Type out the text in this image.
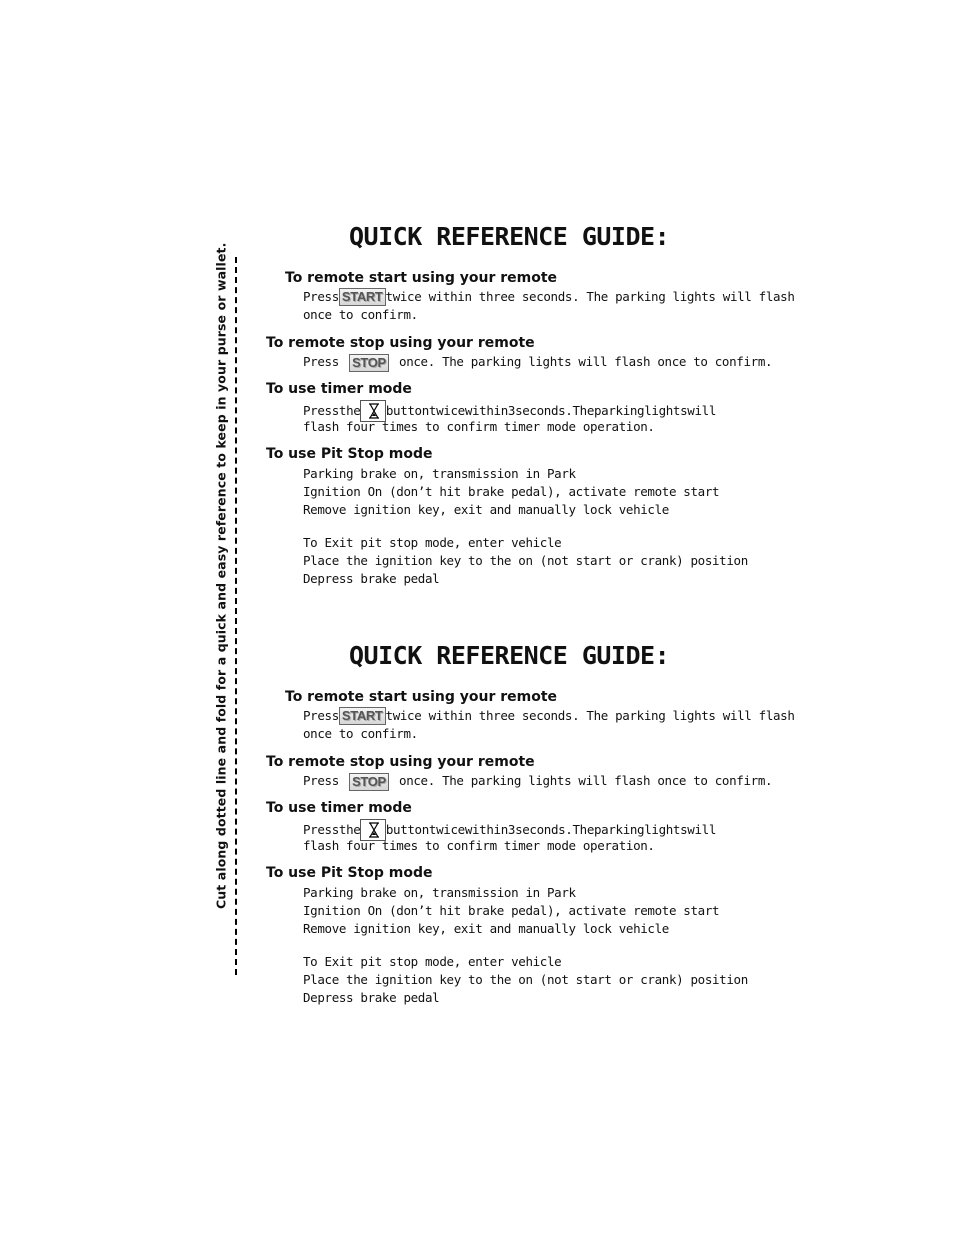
Cut along dotted line and fold for a quick and easy reference to keep in your purse or wallet.
QUICK REFERENCE GUIDE:

To remote start using your remote

Press START twice within three seconds. The parking lights will flash

once to confirm.

To remote stop using your remote

Press STOP once. The parking lights will flash once to confirm.

To use timer mode

Press the button twice within 3 seconds. The parking lights will

flash four times to confirm timer mode operation.

To use Pit Stop mode

Parking brake on, transmission in Park

Ignition On (don’t hit brake pedal), activate remote start

Remove ignition key, exit and manually lock vehicle

To Exit pit stop mode, enter vehicle

Place the ignition key to the on (not start or crank) position

Depress brake pedal

QUICK REFERENCE GUIDE:

To remote start using your remote

Press START twice within three seconds. The parking lights will flash

once to confirm.

To remote stop using your remote

Press STOP once. The parking lights will flash once to confirm.

To use timer mode

Press the button twice within 3 seconds. The parking lights will

flash four times to confirm timer mode operation.

To use Pit Stop mode

Parking brake on, transmission in Park

Ignition On (don’t hit brake pedal), activate remote start

Remove ignition key, exit and manually lock vehicle

To Exit pit stop mode, enter vehicle

Place the ignition key to the on (not start or crank) position

Depress brake pedal
